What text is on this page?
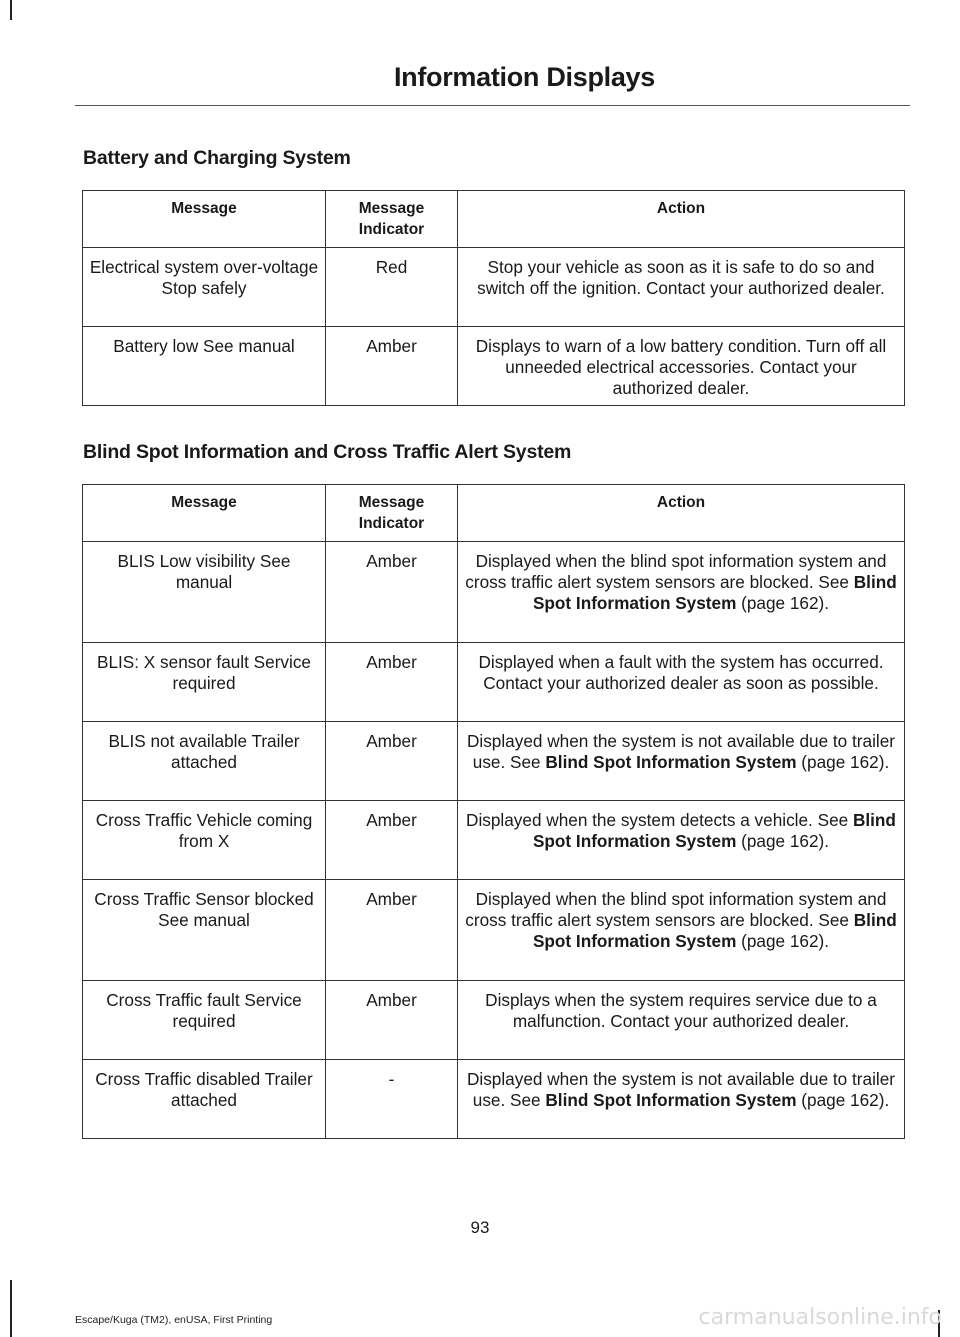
Information Displays
Battery and Charging System
Message	Message Indicator	Action
Electrical system over-voltage Stop safely	Red	Stop your vehicle as soon as it is safe to do so and switch off the ignition. Contact your authorized dealer.
Battery low See manual	Amber	Displays to warn of a low battery condition. Turn off all unneeded electrical accessories. Contact your authorized dealer.
Blind Spot Information and Cross Traffic Alert System
Message	Message Indicator	Action
BLIS Low visibility See manual	Amber	Displayed when the blind spot information system and cross traffic alert system sensors are blocked. See Blind Spot Information System (page 162).
BLIS: X sensor fault Service required	Amber	Displayed when a fault with the system has occurred. Contact your authorized dealer as soon as possible.
BLIS not available Trailer attached	Amber	Displayed when the system is not available due to trailer use. See Blind Spot Information System (page 162).
Cross Traffic Vehicle coming from X	Amber	Displayed when the system detects a vehicle. See Blind Spot Information System (page 162).
Cross Traffic Sensor blocked See manual	Amber	Displayed when the blind spot information system and cross traffic alert system sensors are blocked. See Blind Spot Information System (page 162).
Cross Traffic fault Service required	Amber	Displays when the system requires service due to a malfunction. Contact your authorized dealer.
Cross Traffic disabled Trailer attached	-	Displayed when the system is not available due to trailer use. See Blind Spot Information System (page 162).
93
Escape/Kuga (TM2), enUSA, First Printing	carmanualsonline.info
